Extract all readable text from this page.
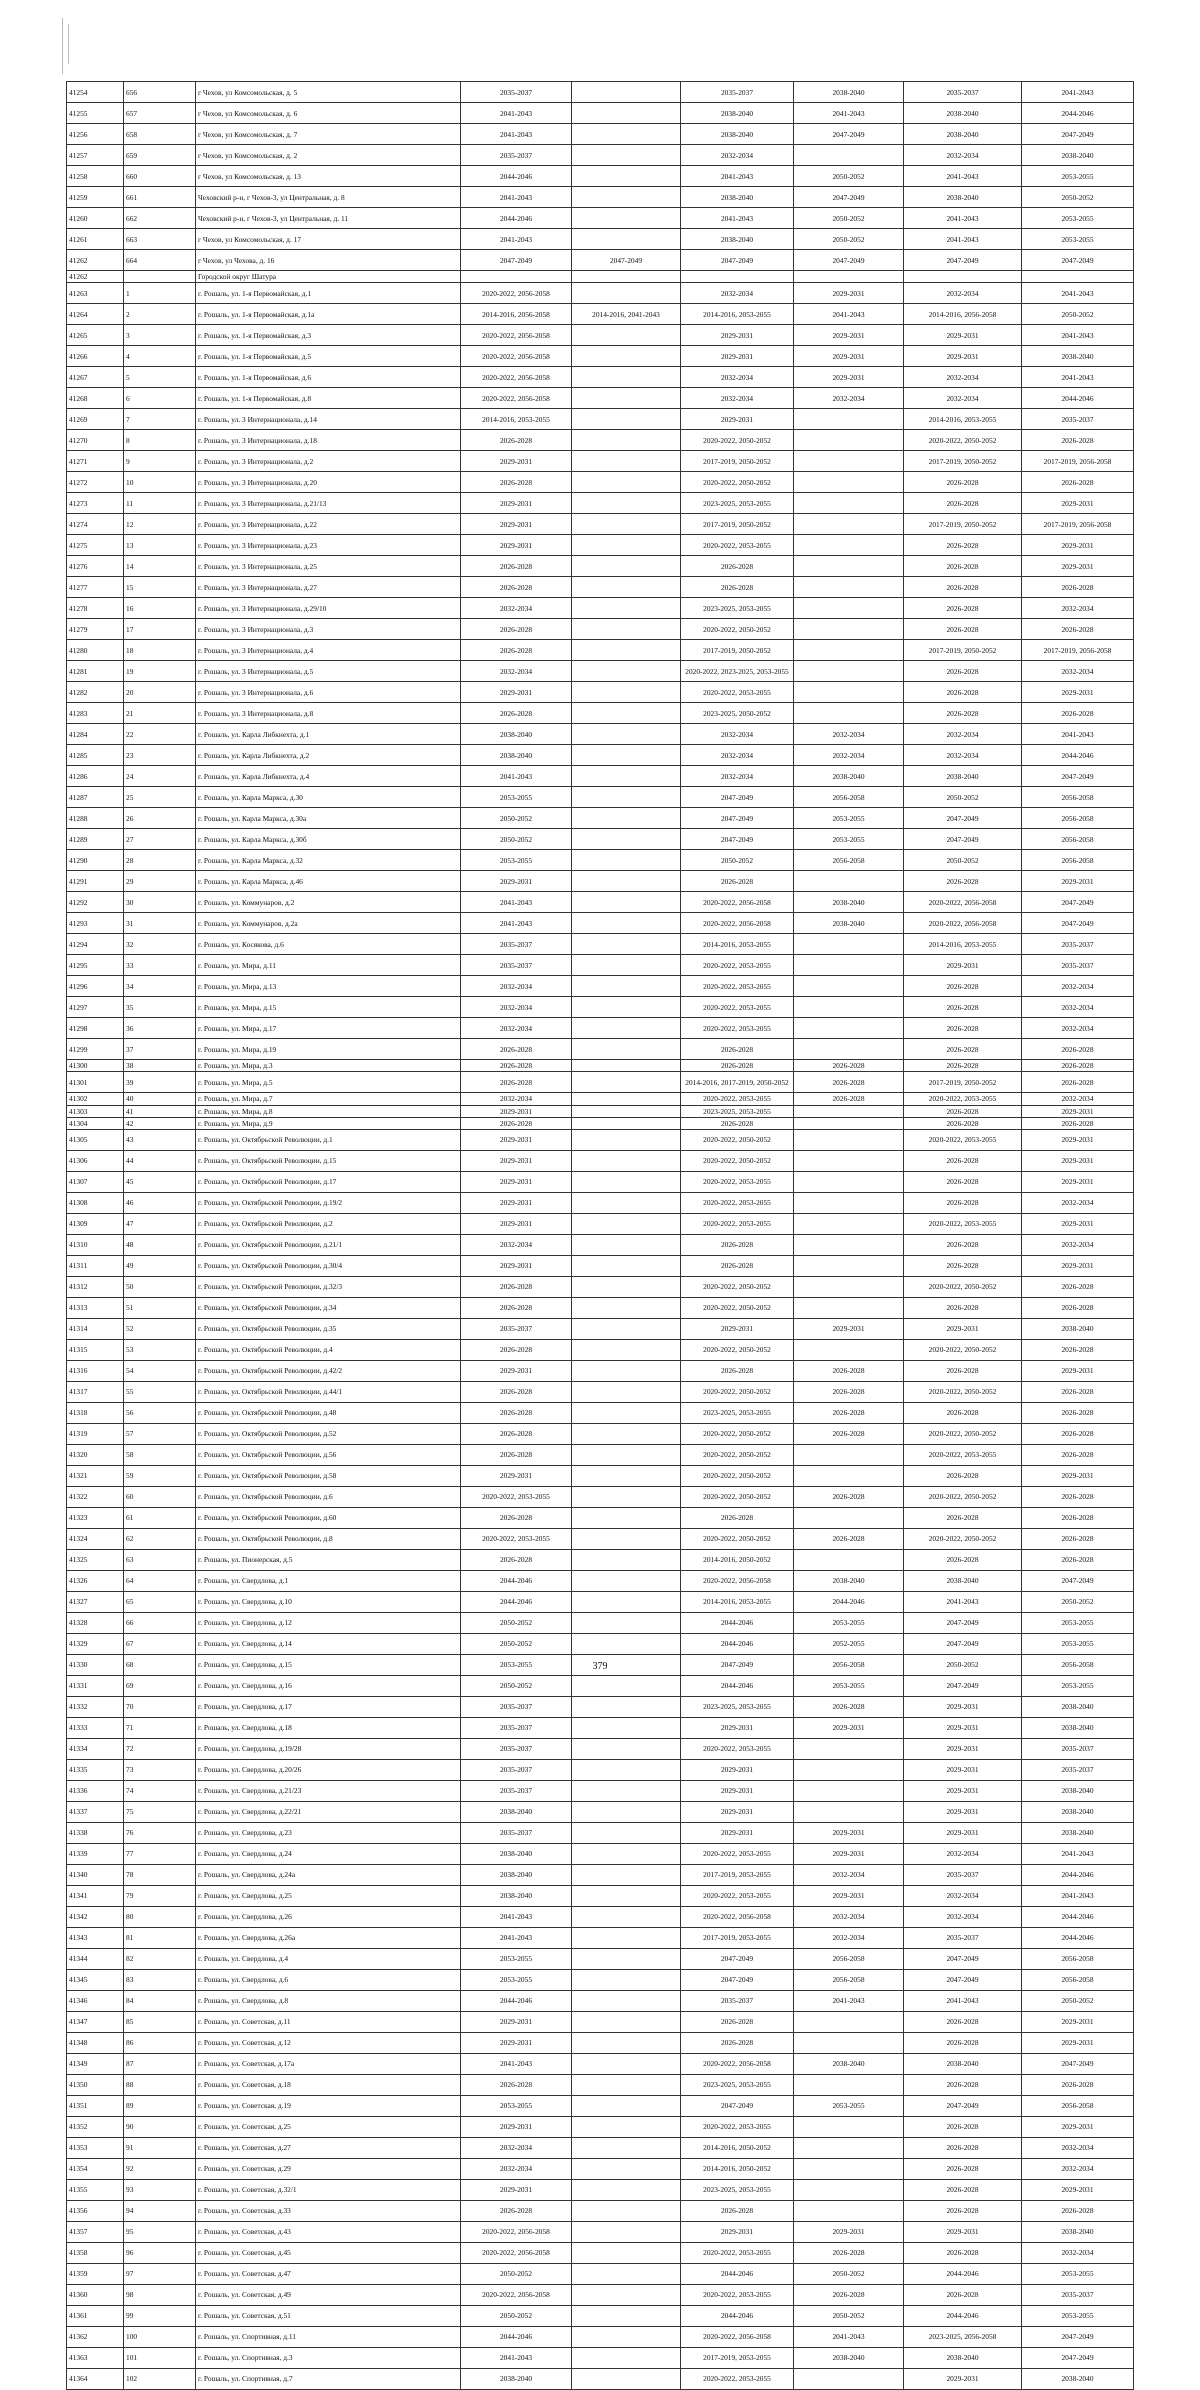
41254	656	г Чехов, ул Комсомольская, д. 5	2035-2037		2035-2037	2038-2040	2035-2037	2041-2043
41255	657	г Чехов, ул Комсомольская, д. 6	2041-2043		2038-2040	2041-2043	2038-2040	2044-2046
41256	658	г Чехов, ул Комсомольская, д. 7	2041-2043		2038-2040	2047-2049	2038-2040	2047-2049
41257	659	г Чехов, ул Комсомольская, д. 2	2035-2037		2032-2034		2032-2034	2038-2040
41258	660	г Чехов, ул Комсомольская, д. 13	2044-2046		2041-2043	2050-2052	2041-2043	2053-2055
41259	661	Чеховский р-н, г Чехов-3, ул Центральная, д. 8	2041-2043		2038-2040	2047-2049	2038-2040	2050-2052
41260	662	Чеховский р-н, г Чехов-3, ул Центральная, д. 11	2044-2046		2041-2043	2050-2052	2041-2043	2053-2055
41261	663	г Чехов, ул Комсомольская, д. 17	2041-2043		2038-2040	2050-2052	2041-2043	2053-2055
41262	664	г Чехов, ул Чехова, д. 16	2047-2049	2047-2049	2047-2049	2047-2049	2047-2049	2047-2049
41262		Городской округ Шатура						
41263	1	г. Рошаль, ул. 1-я Первомайская, д.1	2020-2022, 2056-2058		2032-2034	2029-2031	2032-2034	2041-2043
41264	2	г. Рошаль, ул. 1-я Первомайская, д.1а	2014-2016, 2056-2058	2014-2016, 2041-2043	2014-2016, 2053-2055	2041-2043	2014-2016, 2056-2058	2050-2052
41265	3	г. Рошаль, ул. 1-я Первомайская, д.3	2020-2022, 2056-2058		2029-2031	2029-2031	2029-2031	2041-2043
41266	4	г. Рошаль, ул. 1-я Первомайская, д.5	2020-2022, 2056-2058		2029-2031	2029-2031	2029-2031	2038-2040
41267	5	г. Рошаль, ул. 1-я Первомайская, д.6	2020-2022, 2056-2058		2032-2034	2029-2031	2032-2034	2041-2043
41268	6	г. Рошаль, ул. 1-я Первомайская, д.8	2020-2022, 2056-2058		2032-2034	2032-2034	2032-2034	2044-2046
41269	7	г. Рошаль, ул. 3 Интернационала, д.14	2014-2016, 2053-2055		2029-2031		2014-2016, 2053-2055	2035-2037
41270	8	г. Рошаль, ул. 3 Интернационала, д.18	2026-2028		2020-2022, 2050-2052		2020-2022, 2050-2052	2026-2028
41271	9	г. Рошаль, ул. 3 Интернационала, д.2	2029-2031		2017-2019, 2050-2052		2017-2019, 2050-2052	2017-2019, 2056-2058
41272	10	г. Рошаль, ул. 3 Интернационала, д.20	2026-2028		2020-2022, 2050-2052		2026-2028	2026-2028
41273	11	г. Рошаль, ул. 3 Интернационала, д.21/13	2029-2031		2023-2025, 2053-2055		2026-2028	2029-2031
41274	12	г. Рошаль, ул. 3 Интернационала, д.22	2029-2031		2017-2019, 2050-2052		2017-2019, 2050-2052	2017-2019, 2056-2058
41275	13	г. Рошаль, ул. 3 Интернационала, д.23	2029-2031		2020-2022, 2053-2055		2026-2028	2029-2031
41276	14	г. Рошаль, ул. 3 Интернационала, д.25	2026-2028		2026-2028		2026-2028	2029-2031
41277	15	г. Рошаль, ул. 3 Интернационала, д.27	2026-2028		2026-2028		2026-2028	2026-2028
41278	16	г. Рошаль, ул. 3 Интернационала, д.29/10	2032-2034		2023-2025, 2053-2055		2026-2028	2032-2034
41279	17	г. Рошаль, ул. 3 Интернационала, д.3	2026-2028		2020-2022, 2050-2052		2026-2028	2026-2028
41280	18	г. Рошаль, ул. 3 Интернационала, д.4	2026-2028		2017-2019, 2050-2052		2017-2019, 2050-2052	2017-2019, 2056-2058
41281	19	г. Рошаль, ул. 3 Интернационала, д.5	2032-2034		2020-2022, 2023-2025, 2053-2055		2026-2028	2032-2034
41282	20	г. Рошаль, ул. 3 Интернационала, д.6	2029-2031		2020-2022, 2053-2055		2026-2028	2029-2031
41283	21	г. Рошаль, ул. 3 Интернационала, д.8	2026-2028		2023-2025, 2050-2052		2026-2028	2026-2028
41284	22	г. Рошаль, ул. Карла Либкнехта, д.1	2038-2040		2032-2034	2032-2034	2032-2034	2041-2043
41285	23	г. Рошаль, ул. Карла Либкнехта, д.2	2038-2040		2032-2034	2032-2034	2032-2034	2044-2046
41286	24	г. Рошаль, ул. Карла Либкнехта, д.4	2041-2043		2032-2034	2038-2040	2038-2040	2047-2049
41287	25	г. Рошаль, ул. Карла Маркса, д.30	2053-2055		2047-2049	2056-2058	2050-2052	2056-2058
41288	26	г. Рошаль, ул. Карла Маркса, д.30а	2050-2052		2047-2049	2053-2055	2047-2049	2056-2058
41289	27	г. Рошаль, ул. Карла Маркса, д.30б	2050-2052		2047-2049	2053-2055	2047-2049	2056-2058
41290	28	г. Рошаль, ул. Карла Маркса, д.32	2053-2055		2050-2052	2056-2058	2050-2052	2056-2058
41291	29	г. Рошаль, ул. Карла Маркса, д.46	2029-2031		2026-2028		2026-2028	2029-2031
41292	30	г. Рошаль, ул. Коммунаров, д.2	2041-2043		2020-2022, 2056-2058	2038-2040	2020-2022, 2056-2058	2047-2049
41293	31	г. Рошаль, ул. Коммунаров, д.2а	2041-2043		2020-2022, 2056-2058	2038-2040	2020-2022, 2056-2058	2047-2049
41294	32	г. Рошаль, ул. Косякова, д.6	2035-2037		2014-2016, 2053-2055		2014-2016, 2053-2055	2035-2037
41295	33	г. Рошаль, ул. Мира, д.11	2035-2037		2020-2022, 2053-2055		2029-2031	2035-2037
41296	34	г. Рошаль, ул. Мира, д.13	2032-2034		2020-2022, 2053-2055		2026-2028	2032-2034
41297	35	г. Рошаль, ул. Мира, д.15	2032-2034		2020-2022, 2053-2055		2026-2028	2032-2034
41298	36	г. Рошаль, ул. Мира, д.17	2032-2034		2020-2022, 2053-2055		2026-2028	2032-2034
41299	37	г. Рошаль, ул. Мира, д.19	2026-2028		2026-2028		2026-2028	2026-2028
41300	38	г. Рошаль, ул. Мира, д.3	2026-2028		2026-2028	2026-2028	2026-2028	2026-2028
41301	39	г. Рошаль, ул. Мира, д.5	2026-2028		2014-2016, 2017-2019, 2050-2052	2026-2028	2017-2019, 2050-2052	2026-2028
41302	40	г. Рошаль, ул. Мира, д.7	2032-2034		2020-2022, 2053-2055	2026-2028	2020-2022, 2053-2055	2032-2034
41303	41	г. Рошаль, ул. Мира, д.8	2029-2031		2023-2025, 2053-2055		2026-2028	2029-2031
41304	42	г. Рошаль, ул. Мира, д.9	2026-2028		2026-2028		2026-2028	2026-2028
41305	43	г. Рошаль, ул. Октябрьской Революции, д.1	2029-2031		2020-2022, 2050-2052		2020-2022, 2053-2055	2029-2031
41306	44	г. Рошаль, ул. Октябрьской Революции, д.15	2029-2031		2020-2022, 2050-2052		2026-2028	2029-2031
41307	45	г. Рошаль, ул. Октябрьской Революции, д.17	2029-2031		2020-2022, 2053-2055		2026-2028	2029-2031
41308	46	г. Рошаль, ул. Октябрьской Революции, д.19/2	2029-2031		2020-2022, 2053-2055		2026-2028	2032-2034
41309	47	г. Рошаль, ул. Октябрьской Революции, д.2	2029-2031		2020-2022, 2053-2055		2020-2022, 2053-2055	2029-2031
41310	48	г. Рошаль, ул. Октябрьской Революции, д.21/1	2032-2034		2026-2028		2026-2028	2032-2034
41311	49	г. Рошаль, ул. Октябрьской Революции, д.30/4	2029-2031		2026-2028		2026-2028	2029-2031
41312	50	г. Рошаль, ул. Октябрьской Революции, д.32/3	2026-2028		2020-2022, 2050-2052		2020-2022, 2050-2052	2026-2028
41313	51	г. Рошаль, ул. Октябрьской Революции, д.34	2026-2028		2020-2022, 2050-2052		2026-2028	2026-2028
41314	52	г. Рошаль, ул. Октябрьской Революции, д.35	2035-2037		2029-2031	2029-2031	2029-2031	2038-2040
41315	53	г. Рошаль, ул. Октябрьской Революции, д.4	2026-2028		2020-2022, 2050-2052		2020-2022, 2050-2052	2026-2028
41316	54	г. Рошаль, ул. Октябрьской Революции, д.42/2	2029-2031		2026-2028	2026-2028	2026-2028	2029-2031
41317	55	г. Рошаль, ул. Октябрьской Революции, д.44/1	2026-2028		2020-2022, 2050-2052	2026-2028	2020-2022, 2050-2052	2026-2028
41318	56	г. Рошаль, ул. Октябрьской Революции, д.48	2026-2028		2023-2025, 2053-2055	2026-2028	2026-2028	2026-2028
41319	57	г. Рошаль, ул. Октябрьской Революции, д.52	2026-2028		2020-2022, 2050-2052	2026-2028	2020-2022, 2050-2052	2026-2028
41320	58	г. Рошаль, ул. Октябрьской Революции, д.56	2026-2028		2020-2022, 2050-2052		2020-2022, 2053-2055	2026-2028
41321	59	г. Рошаль, ул. Октябрьской Революции, д.58	2029-2031		2020-2022, 2050-2052		2026-2028	2029-2031
41322	60	г. Рошаль, ул. Октябрьской Революции, д.6	2020-2022, 2053-2055		2020-2022, 2050-2052	2026-2028	2020-2022, 2050-2052	2026-2028
41323	61	г. Рошаль, ул. Октябрьской Революции, д.60	2026-2028		2026-2028		2026-2028	2026-2028
41324	62	г. Рошаль, ул. Октябрьской Революции, д.8	2020-2022, 2053-2055		2020-2022, 2050-2052	2026-2028	2020-2022, 2050-2052	2026-2028
41325	63	г. Рошаль, ул. Пионерская, д.5	2026-2028		2014-2016, 2050-2052		2026-2028	2026-2028
41326	64	г. Рошаль, ул. Свердлова, д.1	2044-2046		2020-2022, 2056-2058	2038-2040	2038-2040	2047-2049
41327	65	г. Рошаль, ул. Свердлова, д.10	2044-2046		2014-2016, 2053-2055	2044-2046	2041-2043	2050-2052
41328	66	г. Рошаль, ул. Свердлова, д.12	2050-2052		2044-2046	2053-2055	2047-2049	2053-2055
41329	67	г. Рошаль, ул. Свердлова, д.14	2050-2052		2044-2046	2052-2055	2047-2049	2053-2055
41330	68	г. Рошаль, ул. Свердлова, д.15	2053-2055		2047-2049	2056-2058	2050-2052	2056-2058
41331	69	г. Рошаль, ул. Свердлова, д.16	2050-2052		2044-2046	2053-2055	2047-2049	2053-2055
41332	70	г. Рошаль, ул. Свердлова, д.17	2035-2037		2023-2025, 2053-2055	2026-2028	2029-2031	2038-2040
41333	71	г. Рошаль, ул. Свердлова, д.18	2035-2037		2029-2031	2029-2031	2029-2031	2038-2040
41334	72	г. Рошаль, ул. Свердлова, д.19/28	2035-2037		2020-2022, 2053-2055		2029-2031	2035-2037
41335	73	г. Рошаль, ул. Свердлова, д.20/26	2035-2037		2029-2031		2029-2031	2035-2037
41336	74	г. Рошаль, ул. Свердлова, д.21/23	2035-2037		2029-2031		2029-2031	2038-2040
41337	75	г. Рошаль, ул. Свердлова, д.22/21	2038-2040		2029-2031		2029-2031	2038-2040
41338	76	г. Рошаль, ул. Свердлова, д.23	2035-2037		2029-2031	2029-2031	2029-2031	2038-2040
41339	77	г. Рошаль, ул. Свердлова, д.24	2038-2040		2020-2022, 2053-2055	2029-2031	2032-2034	2041-2043
41340	78	г. Рошаль, ул. Свердлова, д.24а	2038-2040		2017-2019, 2053-2055	2032-2034	2035-2037	2044-2046
41341	79	г. Рошаль, ул. Свердлова, д.25	2038-2040		2020-2022, 2053-2055	2029-2031	2032-2034	2041-2043
41342	80	г. Рошаль, ул. Свердлова, д.26	2041-2043		2020-2022, 2056-2058	2032-2034	2032-2034	2044-2046
41343	81	г. Рошаль, ул. Свердлова, д.26а	2041-2043		2017-2019, 2053-2055	2032-2034	2035-2037	2044-2046
41344	82	г. Рошаль, ул. Свердлова, д.4	2053-2055		2047-2049	2056-2058	2047-2049	2056-2058
41345	83	г. Рошаль, ул. Свердлова, д.6	2053-2055		2047-2049	2056-2058	2047-2049	2056-2058
41346	84	г. Рошаль, ул. Свердлова, д.8	2044-2046		2035-2037	2041-2043	2041-2043	2050-2052
41347	85	г. Рошаль, ул. Советская, д.11	2029-2031		2026-2028		2026-2028	2029-2031
41348	86	г. Рошаль, ул. Советская, д.12	2029-2031		2026-2028		2026-2028	2029-2031
41349	87	г. Рошаль, ул. Советская, д.17а	2041-2043		2020-2022, 2056-2058	2038-2040	2038-2040	2047-2049
41350	88	г. Рошаль, ул. Советская, д.18	2026-2028		2023-2025, 2053-2055		2026-2028	2026-2028
41351	89	г. Рошаль, ул. Советская, д.19	2053-2055		2047-2049	2053-2055	2047-2049	2056-2058
41352	90	г. Рошаль, ул. Советская, д.25	2029-2031		2020-2022, 2053-2055		2026-2028	2029-2031
41353	91	г. Рошаль, ул. Советская, д.27	2032-2034		2014-2016, 2050-2052		2026-2028	2032-2034
41354	92	г. Рошаль, ул. Советская, д.29	2032-2034		2014-2016, 2050-2052		2026-2028	2032-2034
41355	93	г. Рошаль, ул. Советская, д.32/1	2029-2031		2023-2025, 2053-2055		2026-2028	2029-2031
41356	94	г. Рошаль, ул. Советская, д.33	2026-2028		2026-2028		2026-2028	2026-2028
41357	95	г. Рошаль, ул. Советская, д.43	2020-2022, 2056-2058		2029-2031	2029-2031	2029-2031	2038-2040
41358	96	г. Рошаль, ул. Советская, д.45	2020-2022, 2056-2058		2020-2022, 2053-2055	2026-2028	2026-2028	2032-2034
41359	97	г. Рошаль, ул. Советская, д.47	2050-2052		2044-2046	2050-2052	2044-2046	2053-2055
41360	98	г. Рошаль, ул. Советская, д.49	2020-2022, 2056-2058		2020-2022, 2053-2055	2026-2028	2026-2028	2035-2037
41361	99	г. Рошаль, ул. Советская, д.51	2050-2052		2044-2046	2050-2052	2044-2046	2053-2055
41362	100	г. Рошаль, ул. Спортивная, д.11	2044-2046		2020-2022, 2056-2058	2041-2043	2023-2025, 2056-2058	2047-2049
41363	101	г. Рошаль, ул. Спортивная, д.3	2041-2043		2017-2019, 2053-2055	2038-2040	2038-2040	2047-2049
41364	102	г. Рошаль, ул. Спортивная, д.7	2038-2040		2020-2022, 2053-2055		2029-2031	2038-2040
379
